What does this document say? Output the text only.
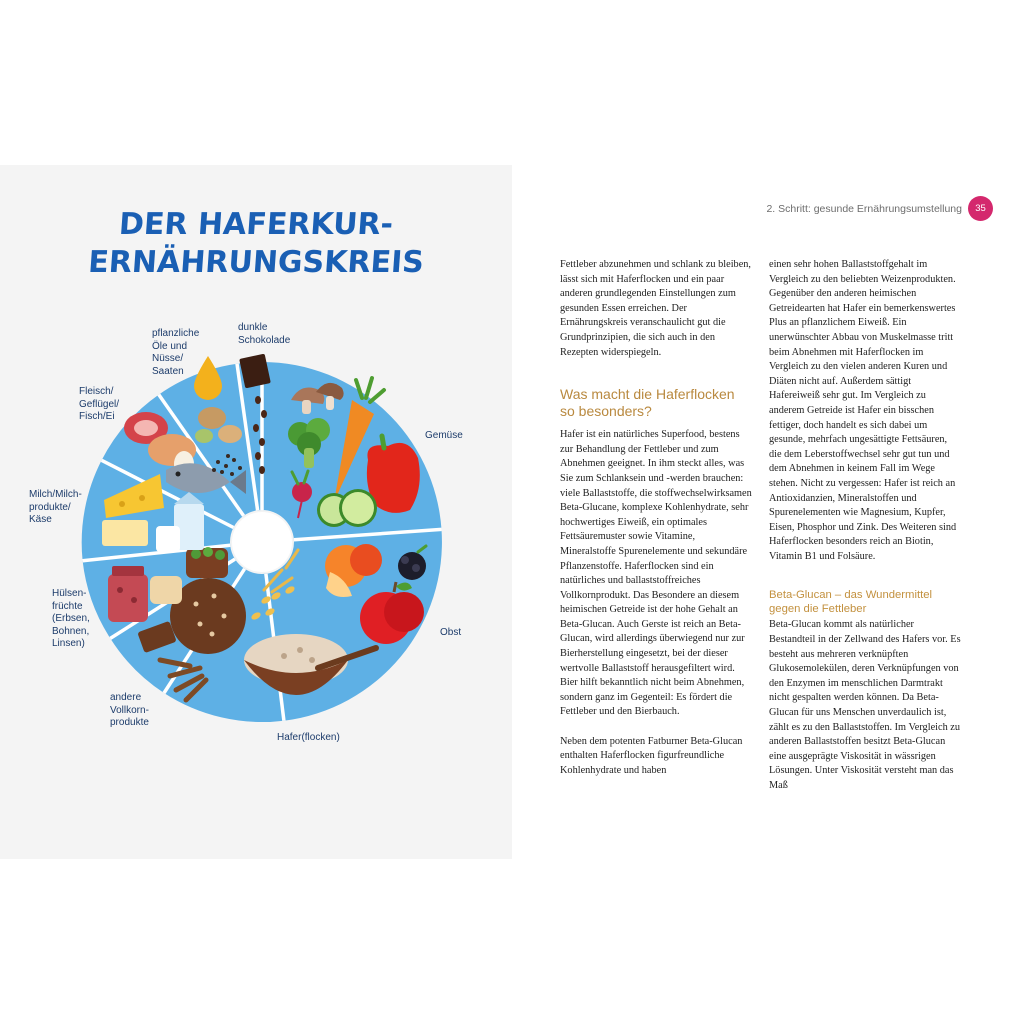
DER HAFERKUR-
ERNÄHRUNGSKREIS
pflanzliche
Öle und
Nüsse/
Saaten
dunkle
Schokolade
Fleisch/
Geflügel/
Fisch/Ei
Milch/Milch-
produkte/
Käse
Hülsen-
früchte
(Erbsen,
Bohnen,
Linsen)
andere
Vollkorn-
produkte
Hafer(flocken)
Obst
Gemüse
2. Schritt: gesunde Ernährungsumstellung	35

Fettleber abzunehmen und schlank zu bleiben, lässt sich mit Haferflocken und ein paar anderen grundlegenden Einstellungen zum gesunden Essen erreichen. Der Ernährungskreis veranschaulicht gut die Grundprinzipien, die sich auch in den Rezepten widerspiegeln.

Was macht die Haferflocken so besonders?

Hafer ist ein natürliches Superfood, bestens zur Behandlung der Fettleber und zum Abnehmen geeignet. In ihm steckt alles, was Sie zum Schlanksein und -werden brauchen: viele Ballaststoffe, die stoffwechselwirksamen Beta-Glucane, komplexe Kohlenhydrate, sehr hochwertiges Eiweiß, ein optimales Fettsäuremuster sowie Vitamine, Mineralstoffe Spurenelemente und sekundäre Pflanzenstoffe. Haferflocken sind ein natürliches und ballaststoffreiches Vollkornprodukt. Das Besondere an diesem heimischen Getreide ist der hohe Gehalt an Beta-Glucan. Auch Gerste ist reich an Beta-Glucan, wird allerdings überwiegend nur zur Bierherstellung eingesetzt, bei der dieser wertvolle Ballaststoff herausgefiltert wird. Bier hilft bekanntlich nicht beim Abnehmen, sondern ganz im Gegenteil: Es fördert die Fettleber und den Bierbauch.

Neben dem potenten Fatburner Beta-Glucan enthalten Haferflocken figurfreundliche Kohlenhydrate und haben

einen sehr hohen Ballaststoffgehalt im Vergleich zu den beliebten Weizenprodukten. Gegenüber den anderen heimischen Getreidearten hat Hafer ein bemerkenswertes Plus an pflanzlichem Eiweiß. Ein unerwünschter Abbau von Muskelmasse tritt beim Abnehmen mit Haferflocken im Vergleich zu den vielen anderen Kuren und Diäten nicht auf. Außerdem sättigt Hafereiweiß sehr gut. Im Vergleich zu anderem Getreide ist Hafer ein bisschen fettiger, doch handelt es sich dabei um gesunde, mehrfach ungesättigte Fettsäuren, die dem Leberstoffwechsel sehr gut tun und dem Abnehmen in keinem Fall im Wege stehen. Nicht zu vergessen: Hafer ist reich an Antioxidanzien, Mineralstoffen und Spurenelementen wie Magnesium, Kupfer, Eisen, Phosphor und Zink. Des Weiteren sind Haferflocken besonders reich an Biotin, Vitamin B1 und Folsäure.

Beta-Glucan – das Wundermittel gegen die Fettleber

Beta-Glucan kommt als natürlicher Bestandteil in der Zellwand des Hafers vor. Es besteht aus mehreren verknüpften Glukosemolekülen, deren Verknüpfungen von den Enzymen im menschlichen Darmtrakt nicht gespalten werden können. Da Beta-Glucan für uns Menschen unverdaulich ist, zählt es zu den Ballaststoffen. Im Vergleich zu anderen Ballaststoffen besitzt Beta-Glucan eine ausgeprägte Viskosität in wässrigen Lösungen. Unter Viskosität versteht man das Maß
